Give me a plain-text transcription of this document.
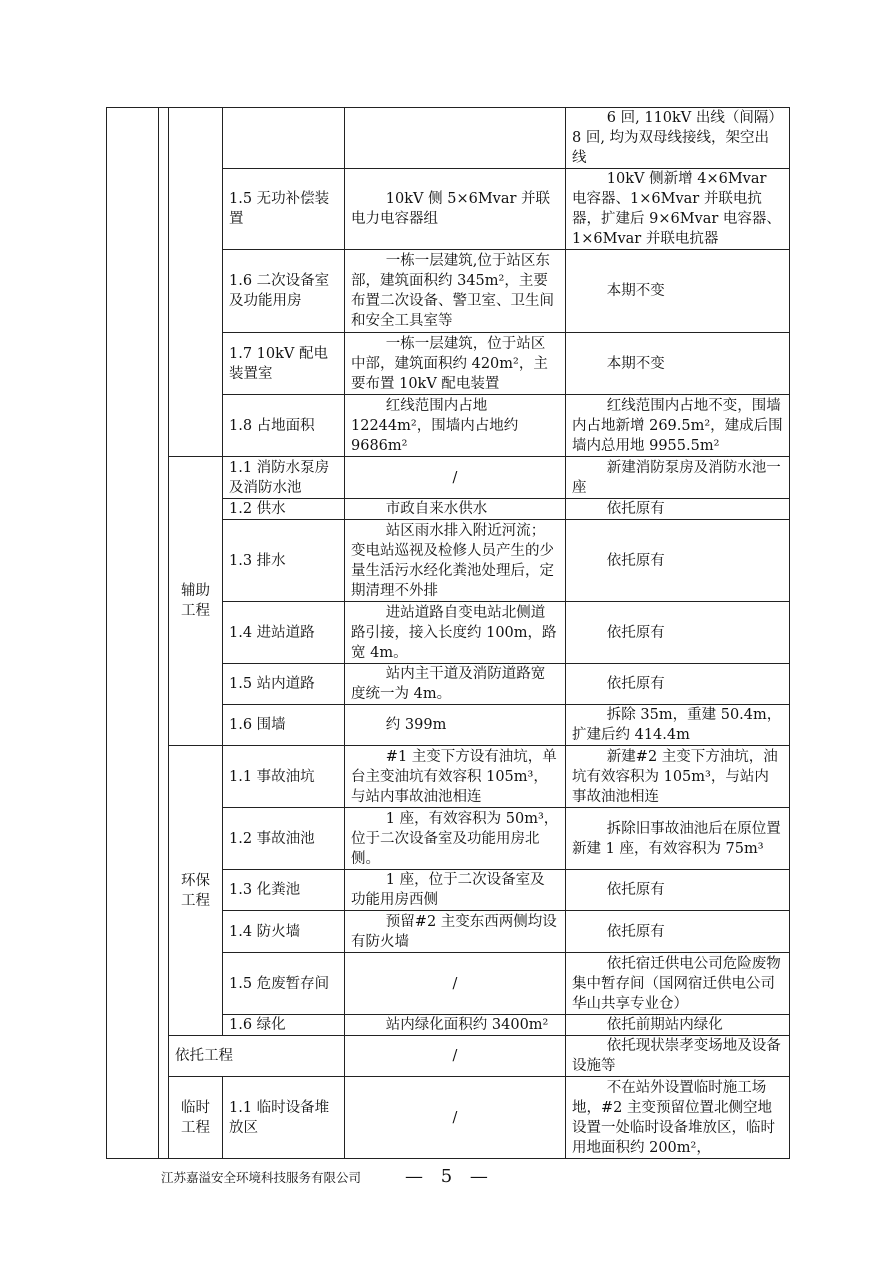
					6 回, 110kV 出线（间隔）8 回, 均为双母线接线，架空出线
			1.5 无功补偿装置	10kV 侧 5×6Mvar 并联电力电容器组	10kV 侧新增 4×6Mvar 电容器、1×6Mvar 并联电抗器，扩建后 9×6Mvar 电容器、1×6Mvar 并联电抗器
			1.6 二次设备室及功能用房	一栋一层建筑,位于站区东部，建筑面积约 345m²，主要布置二次设备、警卫室、卫生间和安全工具室等	本期不变
			1.7 10kV 配电装置室	一栋一层建筑，位于站区中部，建筑面积约 420m²，主要布置 10kV 配电装置	本期不变
			1.8 占地面积	红线范围内占地 12244m²，围墙内占地约 9686m²	红线范围内占地不变，围墙内占地新增 269.5m²，建成后围墙内总用地 9955.5m²

		辅助工程	1.1 消防水泵房及消防水池	/	新建消防泵房及消防水池一座
			1.2 供水	市政自来水供水	依托原有
			1.3 排水	站区雨水排入附近河流；变电站巡视及检修人员产生的少量生活污水经化粪池处理后，定期清理不外排	依托原有
			1.4 进站道路	进站道路自变电站北侧道路引接，接入长度约 100m，路宽 4m。	依托原有
			1.5 站内道路	站内主干道及消防道路宽度统一为 4m。	依托原有
			1.6 围墙	约 399m	拆除 35m，重建 50.4m，扩建后约 414.4m
		环保工程	1.1 事故油坑	#1 主变下方设有油坑，单台主变油坑有效容积 105m³，与站内事故油池相连	新建#2 主变下方油坑，油坑有效容积为 105m³，与站内事故油池相连
			1.2 事故油池	1 座，有效容积为 50m³，位于二次设备室及功能用房北侧。	拆除旧事故油池后在原位置新建 1 座，有效容积为 75m³
			1.3 化粪池	1 座，位于二次设备室及功能用房西侧	依托原有
			1.4 防火墙	预留#2 主变东西两侧均设有防火墙	依托原有
			1.5 危废暂存间	/	依托宿迁供电公司危险废物集中暂存间（国网宿迁供电公司华山共享专业仓）
			1.6 绿化	站内绿化面积约 3400m²	依托前期站内绿化
		依托工程		/	依托现状崇孝变场地及设备设施等
		临时工程	1.1 临时设备堆放区	/	不在站外设置临时施工场地，#2 主变预留位置北侧空地设置一处临时设备堆放区，临时用地面积约 200m²，
江苏嘉溢安全环境科技服务有限公司 — 5 —
